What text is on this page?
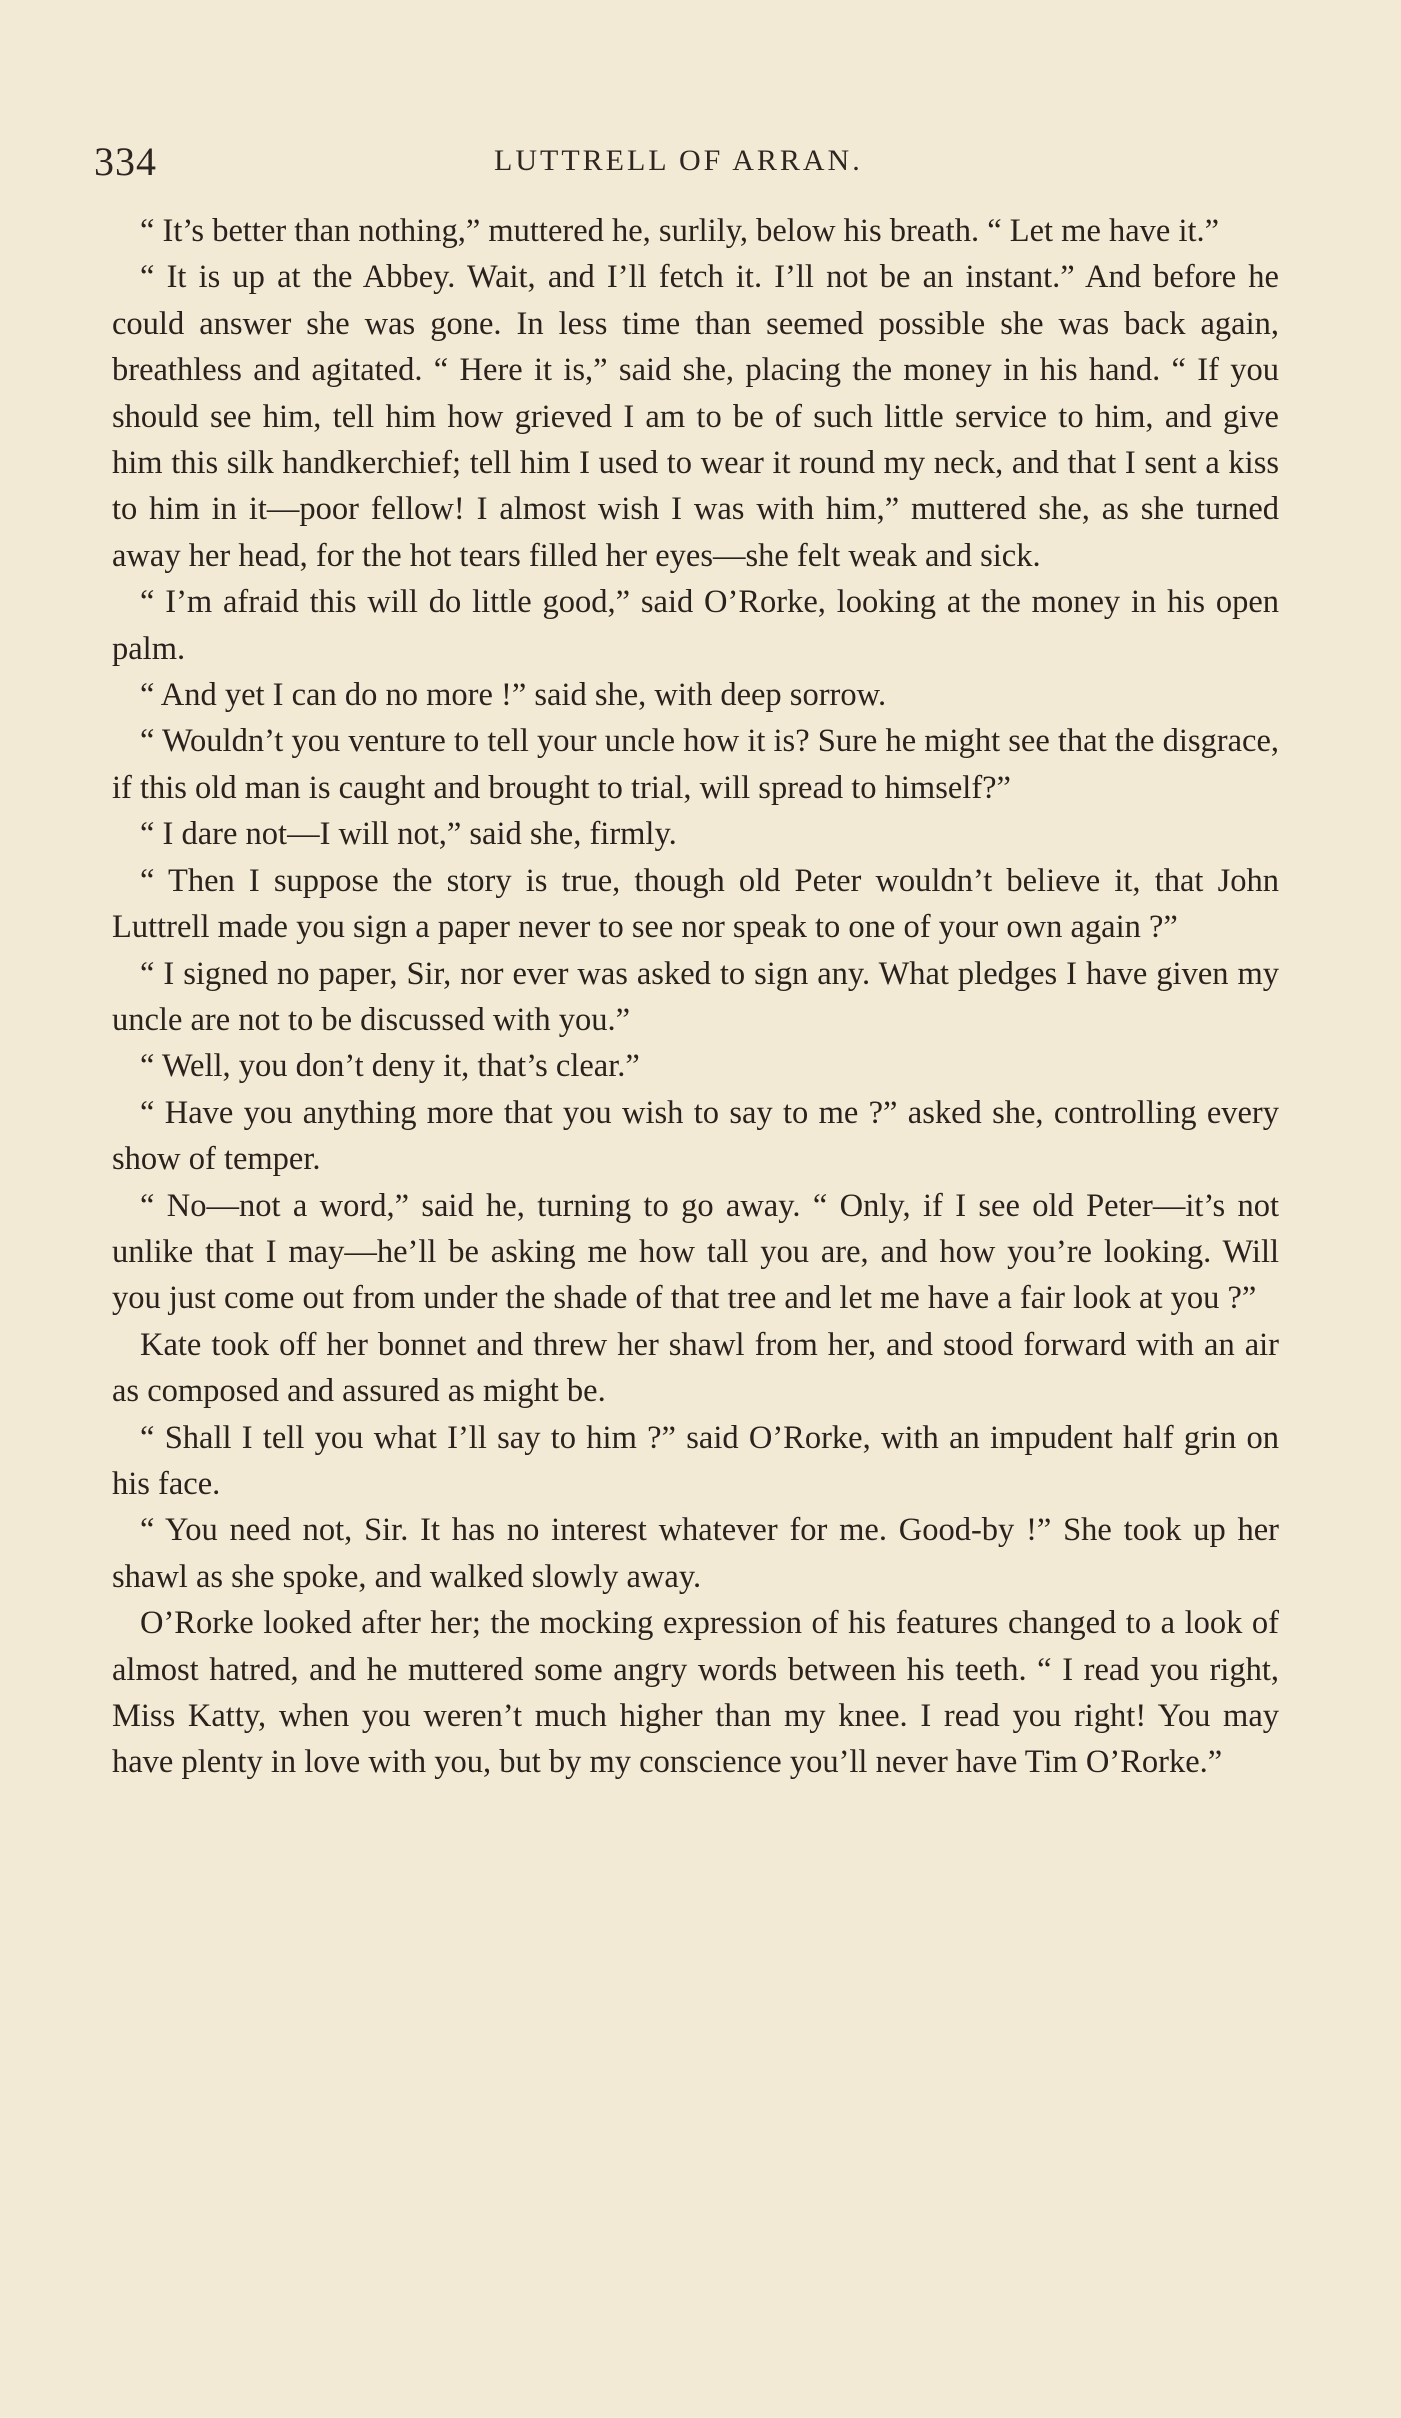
334	LUTTRELL OF ARRAN.

“ It’s better than nothing,” muttered he, surlily, below his breath. “ Let me have it.”

“ It is up at the Abbey. Wait, and I’ll fetch it. I’ll not be an instant.” And before he could answer she was gone. In less time than seemed possible she was back again, breathless and agitated. “ Here it is,” said she, placing the money in his hand. “ If you should see him, tell him how grieved I am to be of such little service to him, and give him this silk handkerchief; tell him I used to wear it round my neck, and that I sent a kiss to him in it—poor fellow! I almost wish I was with him,” muttered she, as she turned away her head, for the hot tears filled her eyes—she felt weak and sick.

“ I’m afraid this will do little good,” said O’Rorke, looking at the money in his open palm.

“ And yet I can do no more !” said she, with deep sorrow.

“ Wouldn’t you venture to tell your uncle how it is? Sure he might see that the disgrace, if this old man is caught and brought to trial, will spread to himself?”

“ I dare not—I will not,” said she, firmly.

“ Then I suppose the story is true, though old Peter wouldn’t believe it, that John Luttrell made you sign a paper never to see nor speak to one of your own again ?”

“ I signed no paper, Sir, nor ever was asked to sign any. What pledges I have given my uncle are not to be discussed with you.”

“ Well, you don’t deny it, that’s clear.”

“ Have you anything more that you wish to say to me ?” asked she, controlling every show of temper.

“ No—not a word,” said he, turning to go away. “ Only, if I see old Peter—it’s not unlike that I may—he’ll be asking me how tall you are, and how you’re looking. Will you just come out from under the shade of that tree and let me have a fair look at you ?”

Kate took off her bonnet and threw her shawl from her, and stood forward with an air as composed and assured as might be.

“ Shall I tell you what I’ll say to him ?” said O’Rorke, with an impudent half grin on his face.

“ You need not, Sir. It has no interest whatever for me. Good-by !” She took up her shawl as she spoke, and walked slowly away.

O’Rorke looked after her; the mocking expression of his features changed to a look of almost hatred, and he muttered some angry words between his teeth. “ I read you right, Miss Katty, when you weren’t much higher than my knee. I read you right! You may have plenty in love with you, but by my conscience you’ll never have Tim O’Rorke.”
